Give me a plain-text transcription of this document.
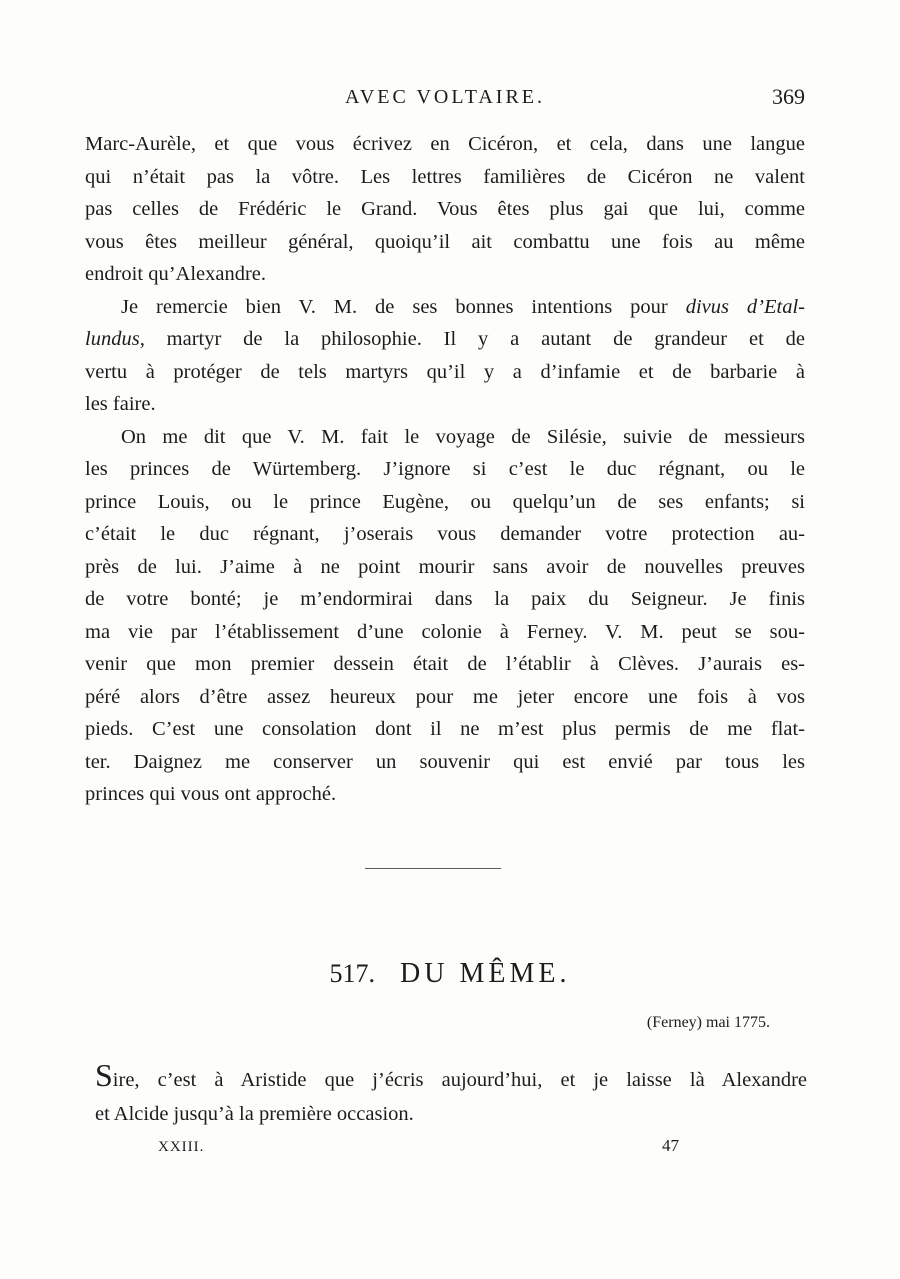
AVEC VOLTAIRE.	369

Marc-Aurèle, et que vous écrivez en Cicéron, et cela, dans une langue
qui n’était pas la vôtre. Les lettres familières de Cicéron ne valent
pas celles de Frédéric le Grand. Vous êtes plus gai que lui, comme
vous êtes meilleur général, quoiqu’il ait combattu une fois au même
endroit qu’Alexandre.

Je remercie bien V. M. de ses bonnes intentions pour divus d’Etal-
lundus, martyr de la philosophie. Il y a autant de grandeur et de
vertu à protéger de tels martyrs qu’il y a d’infamie et de barbarie à
les faire.

On me dit que V. M. fait le voyage de Silésie, suivie de messieurs
les princes de Würtemberg. J’ignore si c’est le duc régnant, ou le
prince Louis, ou le prince Eugène, ou quelqu’un de ses enfants; si
c’était le duc régnant, j’oserais vous demander votre protection au-
près de lui. J’aime à ne point mourir sans avoir de nouvelles preuves
de votre bonté; je m’endormirai dans la paix du Seigneur. Je finis
ma vie par l’établissement d’une colonie à Ferney. V. M. peut se sou-
venir que mon premier dessein était de l’établir à Clèves. J’aurais es-
péré alors d’être assez heureux pour me jeter encore une fois à vos
pieds. C’est une consolation dont il ne m’est plus permis de me flat-
ter. Daignez me conserver un souvenir qui est envié par tous les
princes qui vous ont approché.

517. DU MÊME.
(Ferney) mai 1775.
Sire, c’est à Aristide que j’écris aujourd’hui, et je laisse là Alexandre
et Alcide jusqu’à la première occasion.
XXIII.	47
